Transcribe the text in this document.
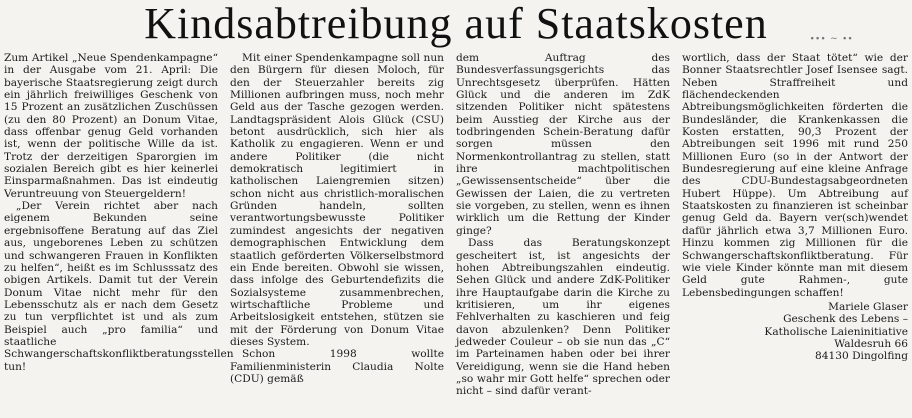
Kindsabtreibung auf Staatskosten	∙∙∙ ~ ∙∙

Zum Artikel „Neue Spendenkampagne“ in der Ausgabe vom 21. April: Die bayerische Staatsregierung zeigt durch ein jährlich freiwilliges Geschenk von 15 Prozent an zusätzlichen Zuschüssen (zu den 80 Prozent) an Donum Vitae, dass offenbar genug Geld vorhanden ist, wenn der politische Wille da ist. Trotz der derzeitigen Sparorgien im sozialen Bereich gibt es hier keinerlei Einsparmaßnahmen. Das ist eindeutig Veruntreuung von Steuergeldern!

„Der Verein richtet aber nach eigenem Bekunden seine ergebnisoffene Beratung auf das Ziel aus, ungeborenes Leben zu schützen und schwangeren Frauen in Konflikten zu helfen“, heißt es im Schlusssatz des obigen Artikels. Damit tut der Verein Donum Vitae nicht mehr für den Lebensschutz als er nach dem Gesetz zu tun verpflichtet ist und als zum Beispiel auch „pro familia“ und staatliche Schwangerschaftskonfliktberatungsstellen tun!

Mit einer Spendenkampagne soll nun den Bürgern für diesen Moloch, für den der Steuerzahler bereits zig Millionen aufbringen muss, noch mehr Geld aus der Tasche gezogen werden. Landtagspräsident Alois Glück (CSU) betont ausdrücklich, sich hier als Katholik zu engagieren. Wenn er und andere Politiker (die nicht demokratisch legitimiert in katholischen Laiengremien sitzen) schon nicht aus christlich-moralischen Gründen handeln, sollten verantwortungsbewusste Politiker zumindest angesichts der negativen demographischen Entwicklung dem staatlich geförderten Völkerselbstmord ein Ende bereiten. Obwohl sie wissen, dass infolge des Geburtendefizits die Sozialsysteme zusammenbrechen, wirtschaftliche Probleme und Arbeitslosigkeit entstehen, stützen sie mit der Förderung von Donum Vitae dieses System.

Schon 1998 wollte Familienministerin Claudia Nolte (CDU) gemäß

dem Auftrag des Bundesverfassungsgerichts das Unrechtsgesetz überprüfen. Hätten Glück und die anderen im ZdK sitzenden Politiker nicht spätestens beim Ausstieg der Kirche aus der todbringenden Schein-Beratung dafür sorgen müssen den Normenkontrollantrag zu stellen, statt ihre machtpolitischen „Gewissensentscheide“ über die Gewissen der Laien, die zu vertreten sie vorgeben, zu stellen, wenn es ihnen wirklich um die Rettung der Kinder ginge?

Dass das Beratungskonzept gescheitert ist, ist angesichts der hohen Abtreibungszahlen eindeutig. Sehen Glück und andere ZdK-Politiker ihre Hauptaufgabe darin die Kirche zu kritisieren, um ihr eigenes Fehlverhalten zu kaschieren und feig davon abzulenken? Denn Politiker jedweder Couleur – ob sie nun das „C“ im Parteinamen haben oder bei ihrer Vereidigung, wenn sie die Hand heben „so wahr mir Gott helfe“ sprechen oder nicht – sind dafür verant-

wortlich, dass der Staat tötet“ wie der Bonner Staatsrechtler Josef Isensee sagt. Neben Straffreiheit und flächendeckenden Abtreibungsmöglichkeiten förderten die Bundesländer, die Krankenkassen die Kosten erstatten, 90,3 Prozent der Abtreibungen seit 1996 mit rund 250 Millionen Euro (so in der Antwort der Bundesregierung auf eine kleine Anfrage des CDU-Bundestagsabgeordneten Hubert Hüppe). Um Abtreibung auf Staatskosten zu finanzieren ist scheinbar genug Geld da. Bayern ver(sch)wendet dafür jährlich etwa 3,7 Millionen Euro. Hinzu kommen zig Millionen für die Schwangerschaftskonfliktberatung. Für wie viele Kinder könnte man mit diesem Geld gute Rahmen-, gute Lebensbedingungen schaffen!

Mariele Glaser
Geschenk des Lebens –
Katholische Laieninitiative
Waldesruh 66
84130 Dingolfing
